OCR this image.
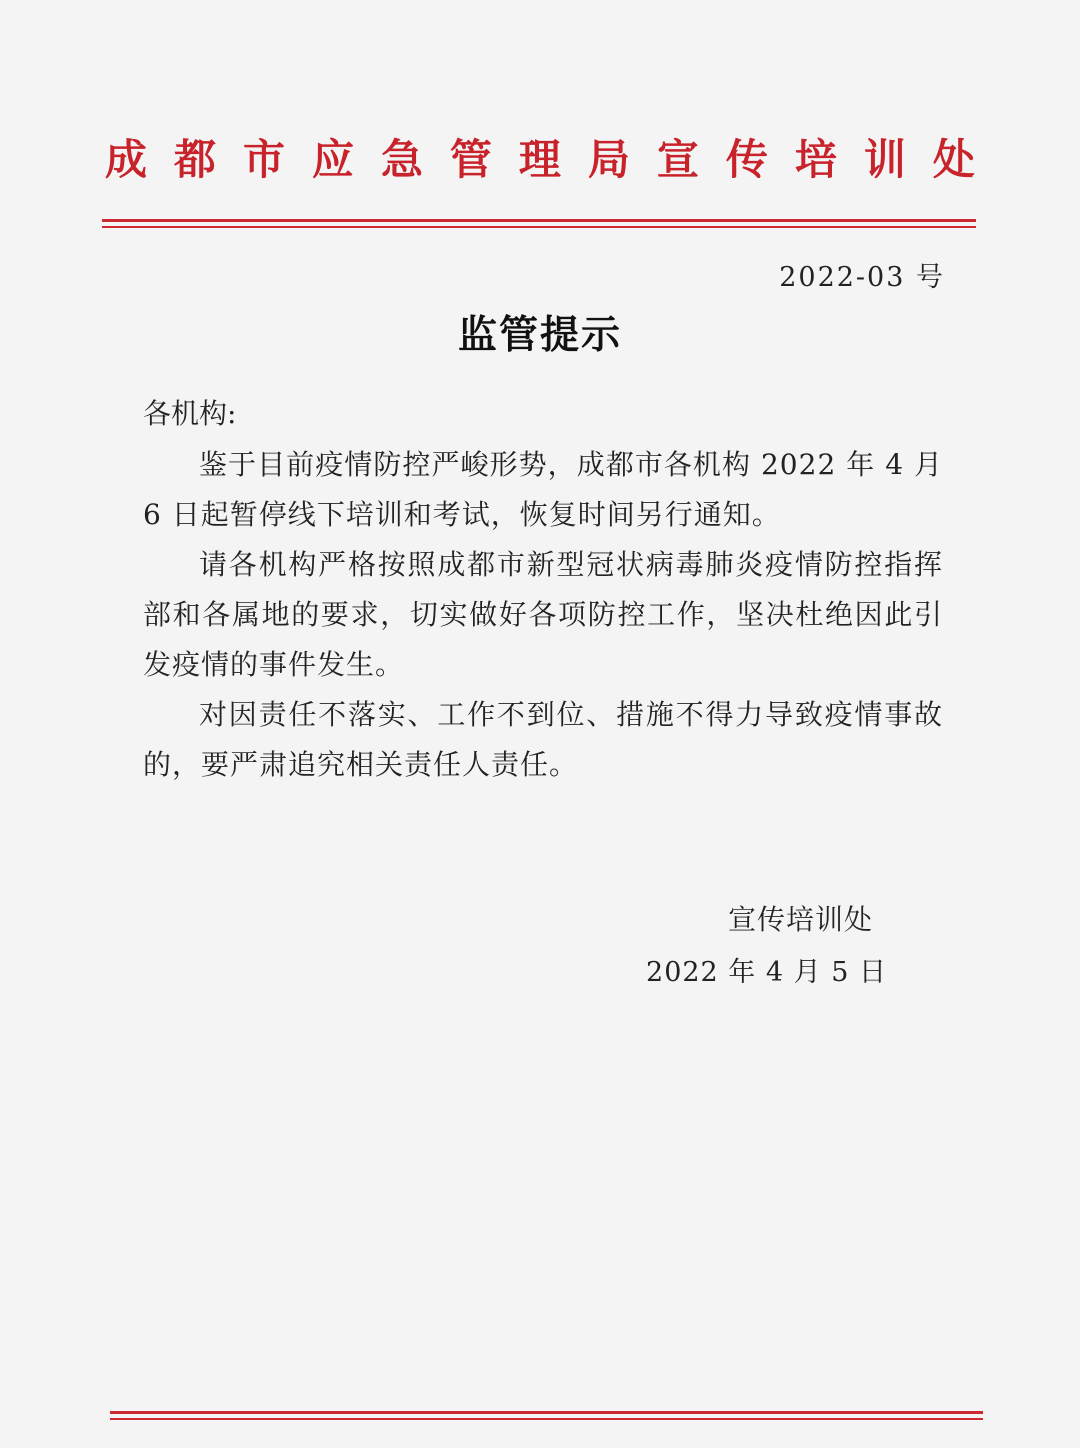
成 都 市 应 急 管 理 局 宣 传 培 训 处
2022-03 号
监管提示
各机构:

鉴于目前疫情防控严峻形势，成都市各机构 2022 年 4 月 6 日起暂停线下培训和考试，恢复时间另行通知。

请各机构严格按照成都市新型冠状病毒肺炎疫情防控指挥部和各属地的要求，切实做好各项防控工作，坚决杜绝因此引发疫情的事件发生。

对因责任不落实、工作不到位、措施不得力导致疫情事故的，要严肃追究相关责任人责任。

宣传培训处
2022 年 4 月 5 日
